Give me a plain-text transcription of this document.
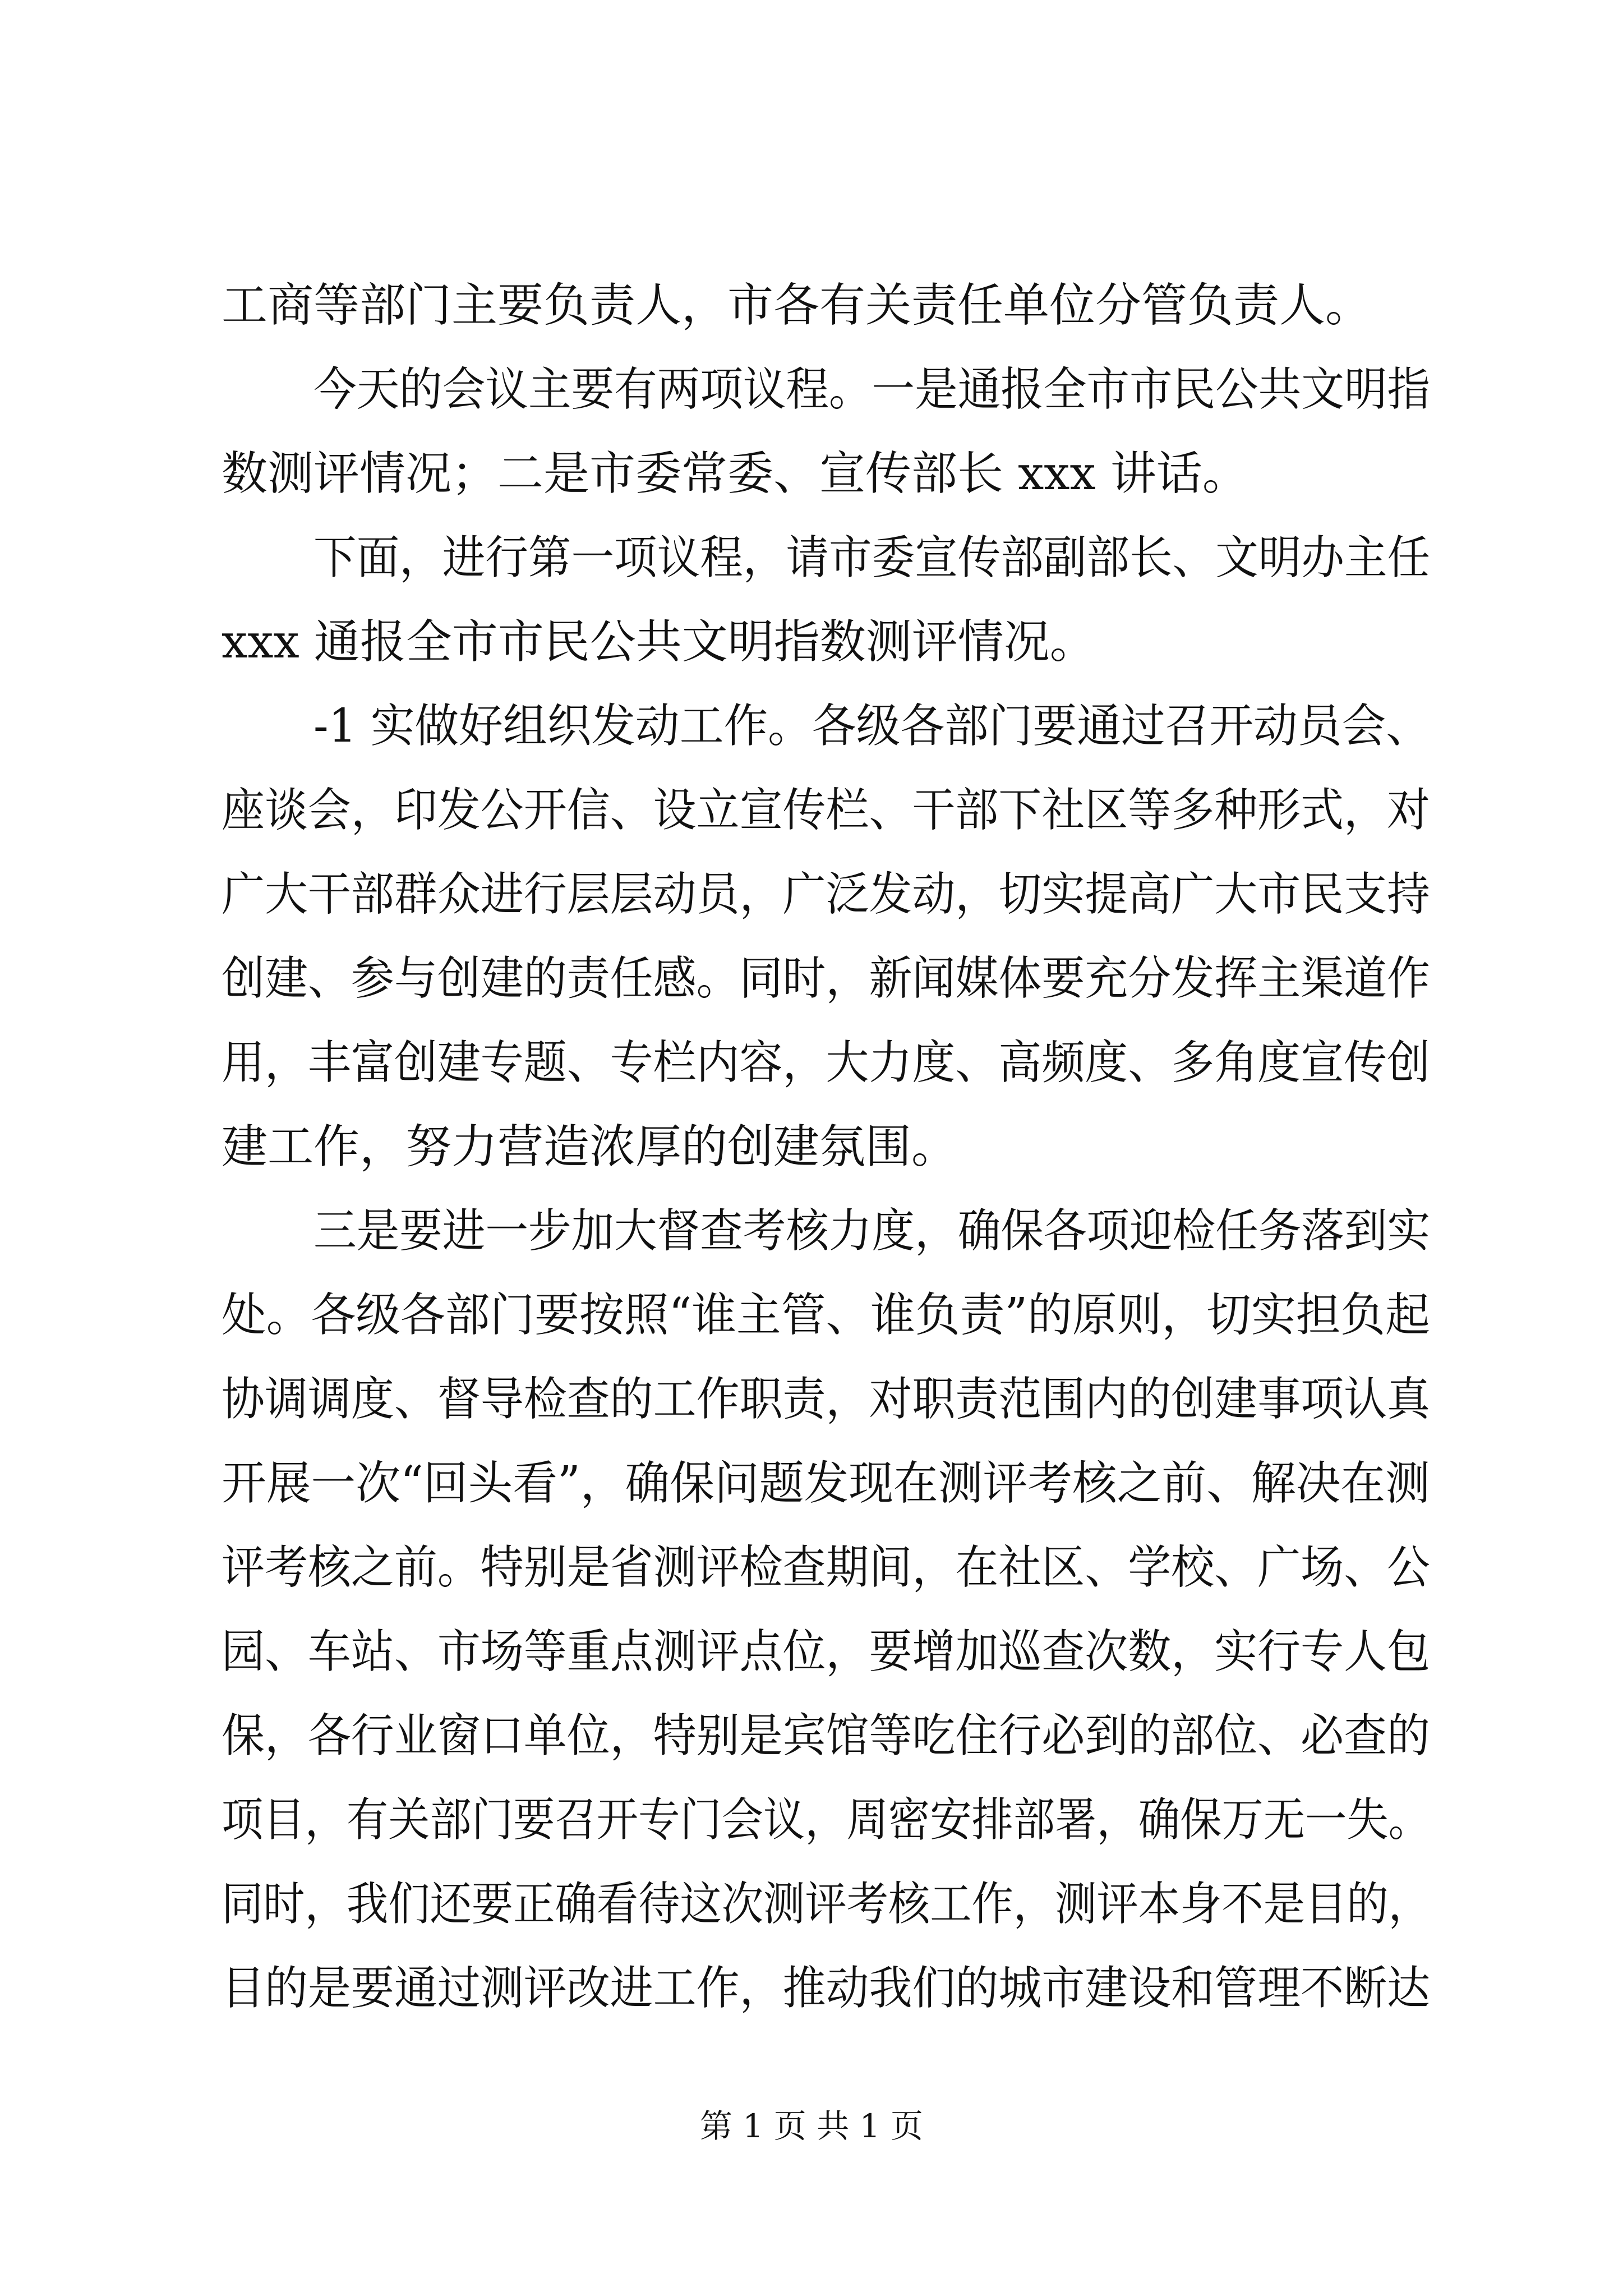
工商等部门主要负责人，市各有关责任单位分管负责人。
今天的会议主要有两项议程。一是通报全市市民公共文明指
数测评情况；二是市委常委、宣传部长 xxx 讲话。
下面，进行第一项议程，请市委宣传部副部长、文明办主任
xxx 通报全市市民公共文明指数测评情况。
-1 实做好组织发动工作。各级各部门要通过召开动员会、
座谈会，印发公开信、设立宣传栏、干部下社区等多种形式，对
广大干部群众进行层层动员，广泛发动，切实提高广大市民支持
创建、参与创建的责任感。同时，新闻媒体要充分发挥主渠道作
用，丰富创建专题、专栏内容，大力度、高频度、多角度宣传创
建工作，努力营造浓厚的创建氛围。
三是要进一步加大督查考核力度，确保各项迎检任务落到实
处。各级各部门要按照“谁主管、谁负责”的原则，切实担负起
协调调度、督导检查的工作职责，对职责范围内的创建事项认真
开展一次“回头看”，确保问题发现在测评考核之前、解决在测
评考核之前。特别是省测评检查期间，在社区、学校、广场、公
园、车站、市场等重点测评点位，要增加巡查次数，实行专人包
保，各行业窗口单位，特别是宾馆等吃住行必到的部位、必查的
项目，有关部门要召开专门会议，周密安排部署，确保万无一失。
同时，我们还要正确看待这次测评考核工作，测评本身不是目的，
目的是要通过测评改进工作，推动我们的城市建设和管理不断达
第 1 页 共 1 页
